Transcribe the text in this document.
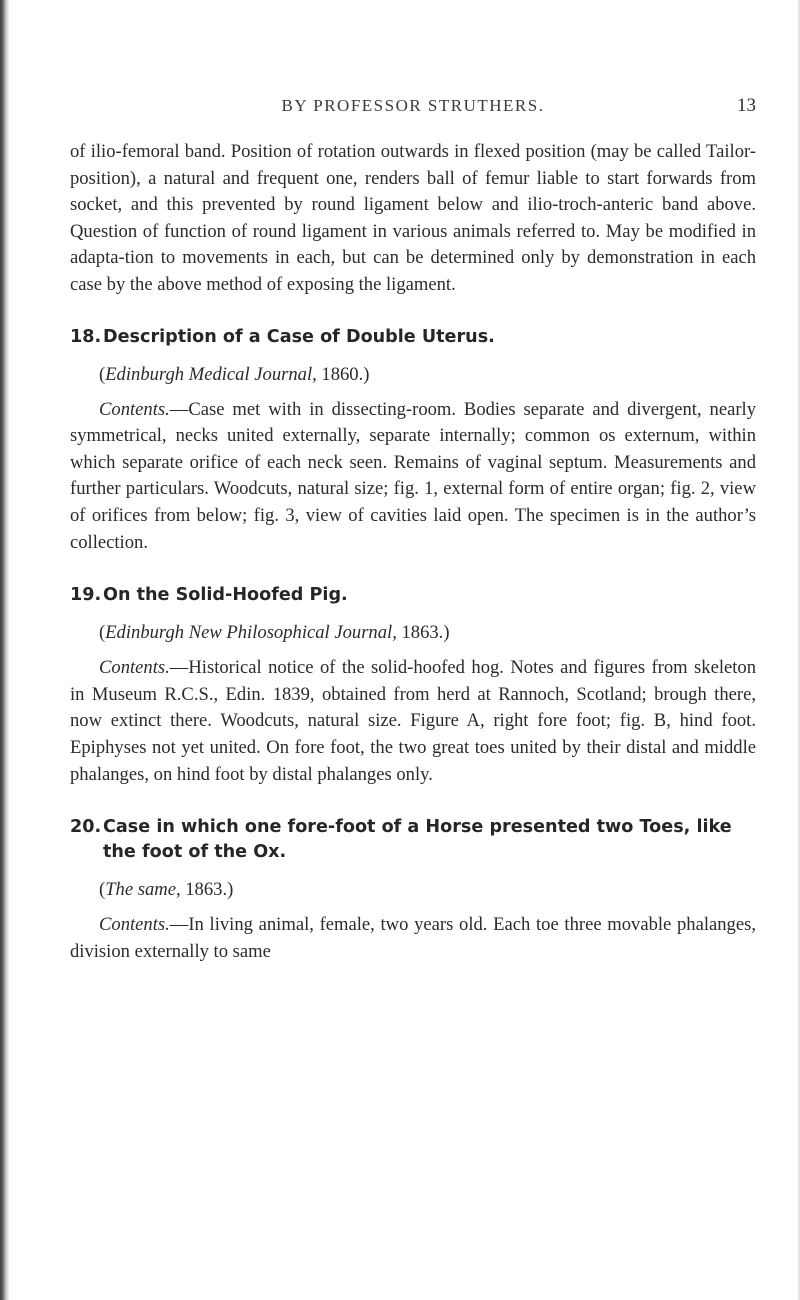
BY PROFESSOR STRUTHERS.	13

of ilio-femoral band. Position of rotation outwards in flexed position (may be called Tailor-position), a natural and frequent one, renders ball of femur liable to start forwards from socket, and this prevented by round ligament below and ilio-troch-anteric band above. Question of function of round ligament in various animals referred to. May be modified in adapta-tion to movements in each, but can be determined only by demonstration in each case by the above method of exposing the ligament.

18. Description of a Case of Double Uterus.
(Edinburgh Medical Journal, 1860.)

Contents.—Case met with in dissecting-room. Bodies separate and divergent, nearly symmetrical, necks united externally, separate internally; common os externum, within which separate orifice of each neck seen. Remains of vaginal septum. Measurements and further particulars. Woodcuts, natural size; fig. 1, external form of entire organ; fig. 2, view of orifices from below; fig. 3, view of cavities laid open. The specimen is in the author’s collection.

19. On the Solid-Hoofed Pig.
(Edinburgh New Philosophical Journal, 1863.)

Contents.—Historical notice of the solid-hoofed hog. Notes and figures from skeleton in Museum R.C.S., Edin. 1839, obtained from herd at Rannoch, Scotland; brough there, now extinct there. Woodcuts, natural size. Figure A, right fore foot; fig. B, hind foot. Epiphyses not yet united. On fore foot, the two great toes united by their distal and middle phalanges, on hind foot by distal phalanges only.

20. Case in which one fore-foot of a Horse presented two Toes, like the foot of the Ox.
(The same, 1863.)

Contents.—In living animal, female, two years old. Each toe three movable phalanges, division externally to same
